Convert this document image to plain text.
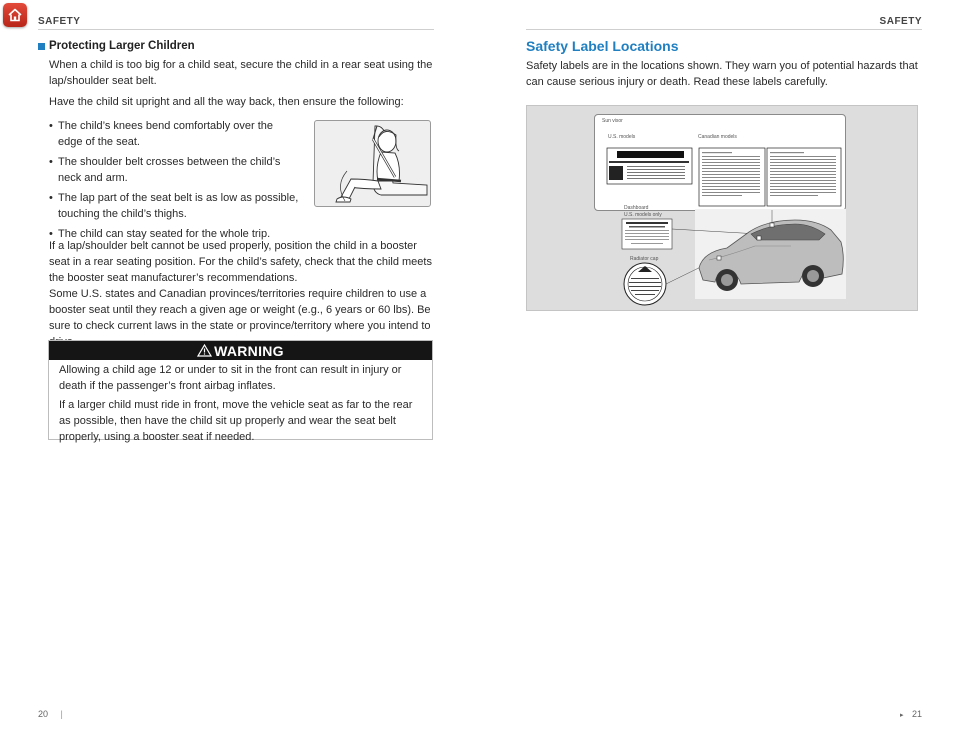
SAFETY	SAFETY
Protecting Larger Children

When a child is too big for a child seat, secure the child in a rear seat using the lap/shoulder seat belt.

Have the child sit upright and all the way back, then ensure the following:

• The child’s knees bend comfortably over the edge of the seat.
• The shoulder belt crosses between the child’s neck and arm.
• The lap part of the seat belt is as low as possible, touching the child’s thighs.
• The child can stay seated for the whole trip.

If a lap/shoulder belt cannot be used properly, position the child in a booster seat in a rear seating position. For the child’s safety, check that the child meets the booster seat manufacturer’s recommendations.

Some U.S. states and Canadian provinces/territories require children to use a booster seat until they reach a given age or weight (e.g., 6 years or 60 lbs). Be sure to check current laws in the state or province/territory where you intend to

WARNING

Allowing a child age 12 or under to sit in the front can result in injury or death if the passenger’s front airbag inflates.

If a larger child must ride in front, move the vehicle seat as far to the rear as possible, then have the child sit up properly and wear the seat belt properly, using a booster seat if needed.

Safety Label Locations

Safety labels are in the locations shown. They warn you of potential hazards that can cause serious injury or death. Read these labels carefully.

Sun visor
U.S. models	Canadian models
Dashboard
U.S. models only
Radiator cap
20 |	▸ 21
